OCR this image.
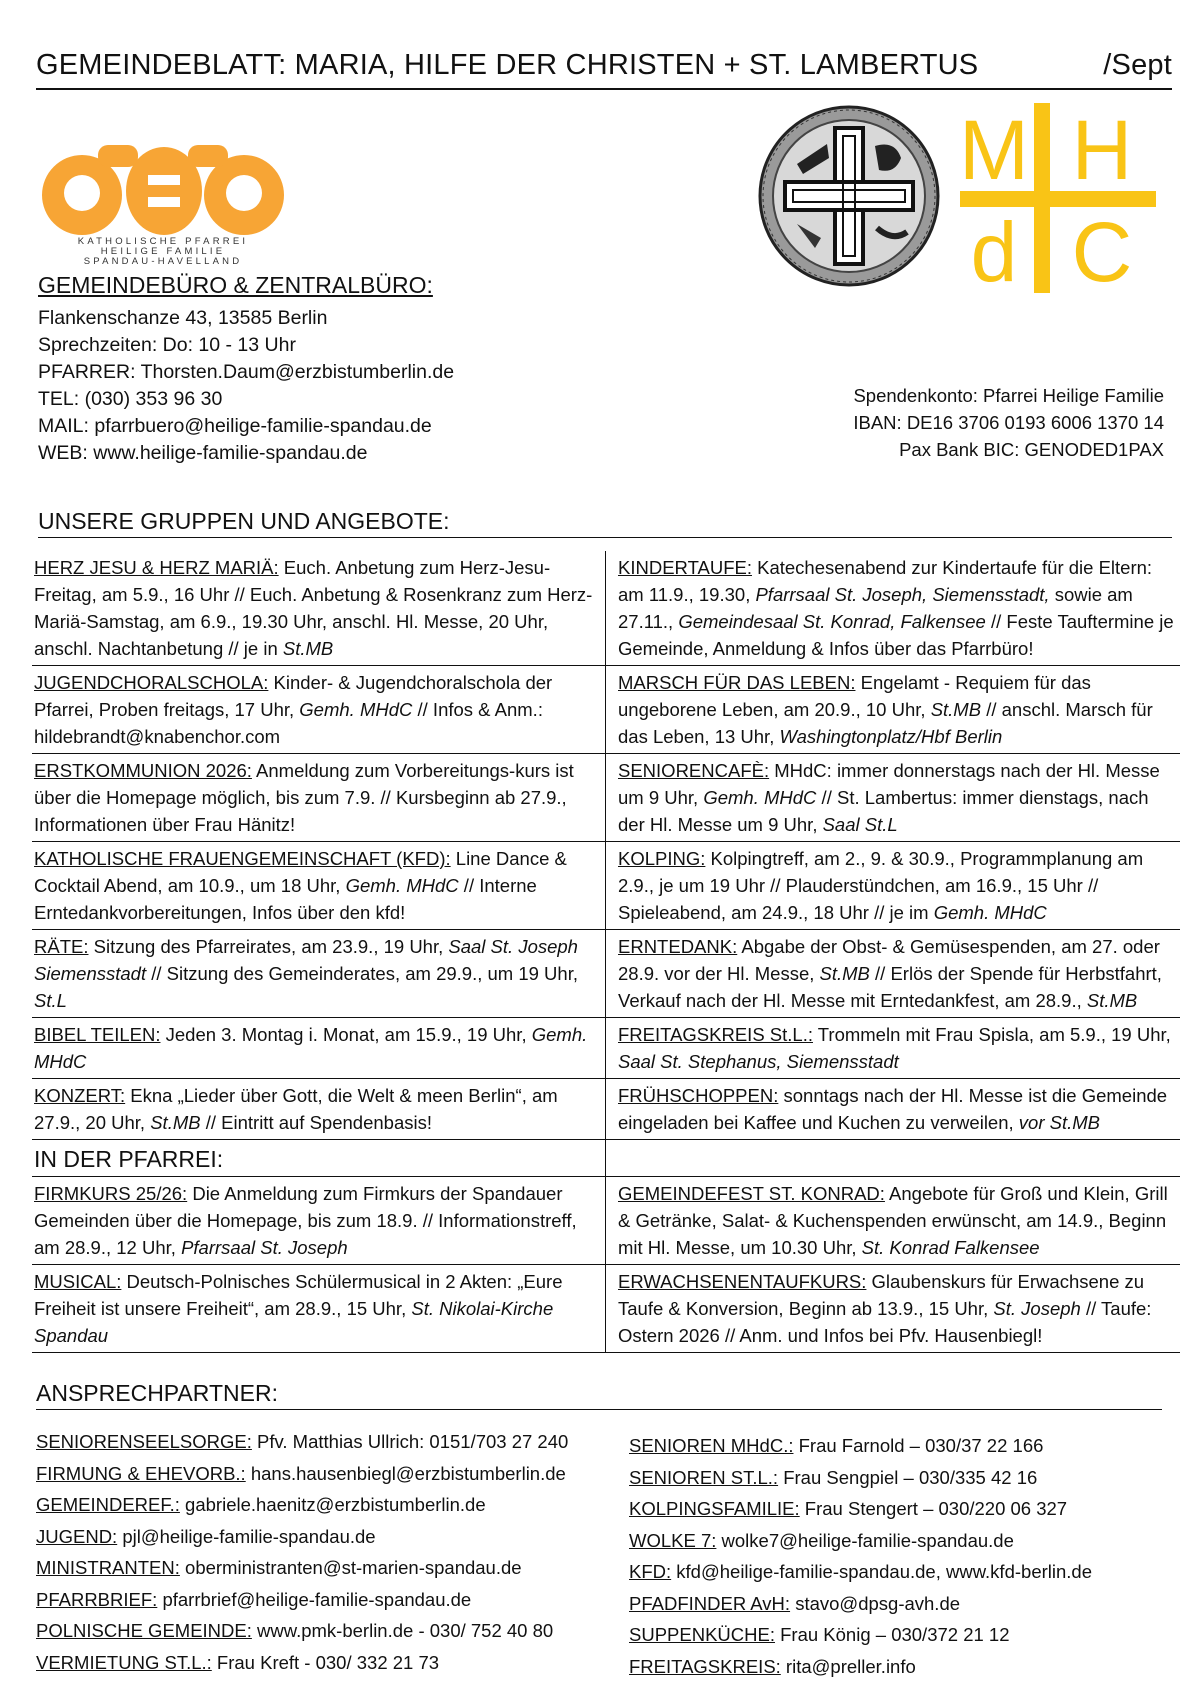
GEMEINDEBLATT: MARIA, HILFE DER CHRISTEN + ST. LAMBERTUS	/Sept
KATHOLISCHE PFARREI
HEILIGE FAMILIE
SPANDAU-HAVELLAND
M H
d C
GEMEINDEBÜRO & ZENTRALBÜRO:
Flankenschanze 43, 13585 Berlin
Sprechzeiten: Do: 10 - 13 Uhr
PFARRER: Thorsten.Daum@erzbistumberlin.de
TEL: (030) 353 96 30
MAIL: pfarrbuero@heilige-familie-spandau.de
WEB: www.heilige-familie-spandau.de
Spendenkonto: Pfarrei Heilige Familie
IBAN: DE16 3706 0193 6006 1370 14
Pax Bank BIC: GENODED1PAX
UNSERE GRUPPEN UND ANGEBOTE:
HERZ JESU & HERZ MARIÄ: Euch. Anbetung zum Herz-Jesu-Freitag, am 5.9., 16 Uhr // Euch. Anbetung & Rosenkranz zum Herz-Mariä-Samstag, am 6.9., 19.30 Uhr, anschl. Hl. Messe, 20 Uhr, anschl. Nachtanbetung // je in St.MB
KINDERTAUFE: Katechesenabend zur Kindertaufe für die Eltern: am 11.9., 19.30, Pfarrsaal St. Joseph, Siemensstadt, sowie am 27.11., Gemeindesaal St. Konrad, Falkensee // Feste Tauftermine je Gemeinde, Anmeldung & Infos über das Pfarrbüro!
JUGENDCHORALSCHOLA: Kinder- & Jugendchoralschola der Pfarrei, Proben freitags, 17 Uhr, Gemh. MHdC // Infos & Anm.: hildebrandt@knabenchor.com
MARSCH FÜR DAS LEBEN: Engelamt - Requiem für das ungeborene Leben, am 20.9., 10 Uhr, St.MB // anschl. Marsch für das Leben, 13 Uhr, Washingtonplatz/Hbf Berlin
ERSTKOMMUNION 2026: Anmeldung zum Vorbereitungs-kurs ist über die Homepage möglich, bis zum 7.9. // Kursbeginn ab 27.9., Informationen über Frau Hänitz!
SENIORENCAFÈ: MHdC: immer donnerstags nach der Hl. Messe um 9 Uhr, Gemh. MHdC // St. Lambertus: immer dienstags, nach der Hl. Messe um 9 Uhr, Saal St.L
KATHOLISCHE FRAUENGEMEINSCHAFT (KFD): Line Dance & Cocktail Abend, am 10.9., um 18 Uhr, Gemh. MHdC // Interne Erntedankvorbereitungen, Infos über den kfd!
KOLPING: Kolpingtreff, am 2., 9. & 30.9., Programmplanung am 2.9., je um 19 Uhr // Plauderstündchen, am 16.9., 15 Uhr // Spieleabend, am 24.9., 18 Uhr // je im Gemh. MHdC
RÄTE: Sitzung des Pfarreirates, am 23.9., 19 Uhr, Saal St. Joseph Siemensstadt // Sitzung des Gemeinderates, am 29.9., um 19 Uhr, St.L
ERNTEDANK: Abgabe der Obst- & Gemüsespenden, am 27. oder 28.9. vor der Hl. Messe, St.MB // Erlös der Spende für Herbstfahrt, Verkauf nach der Hl. Messe mit Erntedankfest, am 28.9., St.MB
BIBEL TEILEN: Jeden 3. Montag i. Monat, am 15.9., 19 Uhr, Gemh. MHdC
FREITAGSKREIS St.L.: Trommeln mit Frau Spisla, am 5.9., 19 Uhr, Saal St. Stephanus, Siemensstadt
KONZERT: Ekna „Lieder über Gott, die Welt & meen Berlin“, am 27.9., 20 Uhr, St.MB // Eintritt auf Spendenbasis!
FRÜHSCHOPPEN: sonntags nach der Hl. Messe ist die Gemeinde eingeladen bei Kaffee und Kuchen zu verweilen, vor St.MB
IN DER PFARREI:
FIRMKURS 25/26: Die Anmeldung zum Firmkurs der Spandauer Gemeinden über die Homepage, bis zum 18.9. // Informationstreff, am 28.9., 12 Uhr, Pfarrsaal St. Joseph
GEMEINDEFEST ST. KONRAD: Angebote für Groß und Klein, Grill & Getränke, Salat- & Kuchenspenden erwünscht, am 14.9., Beginn mit Hl. Messe, um 10.30 Uhr, St. Konrad Falkensee
MUSICAL: Deutsch-Polnisches Schülermusical in 2 Akten: „Eure Freiheit ist unsere Freiheit“, am 28.9., 15 Uhr, St. Nikolai-Kirche Spandau
ERWACHSENENTAUFKURS: Glaubenskurs für Erwachsene zu Taufe & Konversion, Beginn ab 13.9., 15 Uhr, St. Joseph // Taufe: Ostern 2026 // Anm. und Infos bei Pfv. Hausenbiegl!
ANSPRECHPARTNER:
SENIORENSEELSORGE: Pfv. Matthias Ullrich: 0151/703 27 240
FIRMUNG & EHEVORB.: hans.hausenbiegl@erzbistumberlin.de
GEMEINDEREF.: gabriele.haenitz@erzbistumberlin.de
JUGEND: pjl@heilige-familie-spandau.de
MINISTRANTEN: oberministranten@st-marien-spandau.de
PFARRBRIEF: pfarrbrief@heilige-familie-spandau.de
POLNISCHE GEMEINDE: www.pmk-berlin.de - 030/ 752 40 80
VERMIETUNG ST.L.: Frau Kreft - 030/ 332 21 73
SENIOREN MHdC.: Frau Farnold – 030/37 22 166
SENIOREN ST.L.: Frau Sengpiel – 030/335 42 16
KOLPINGSFAMILIE: Frau Stengert – 030/220 06 327
WOLKE 7: wolke7@heilige-familie-spandau.de
KFD: kfd@heilige-familie-spandau.de, www.kfd-berlin.de
PFADFINDER AvH: stavo@dpsg-avh.de
SUPPENKÜCHE: Frau König – 030/372 21 12
FREITAGSKREIS: rita@preller.info
